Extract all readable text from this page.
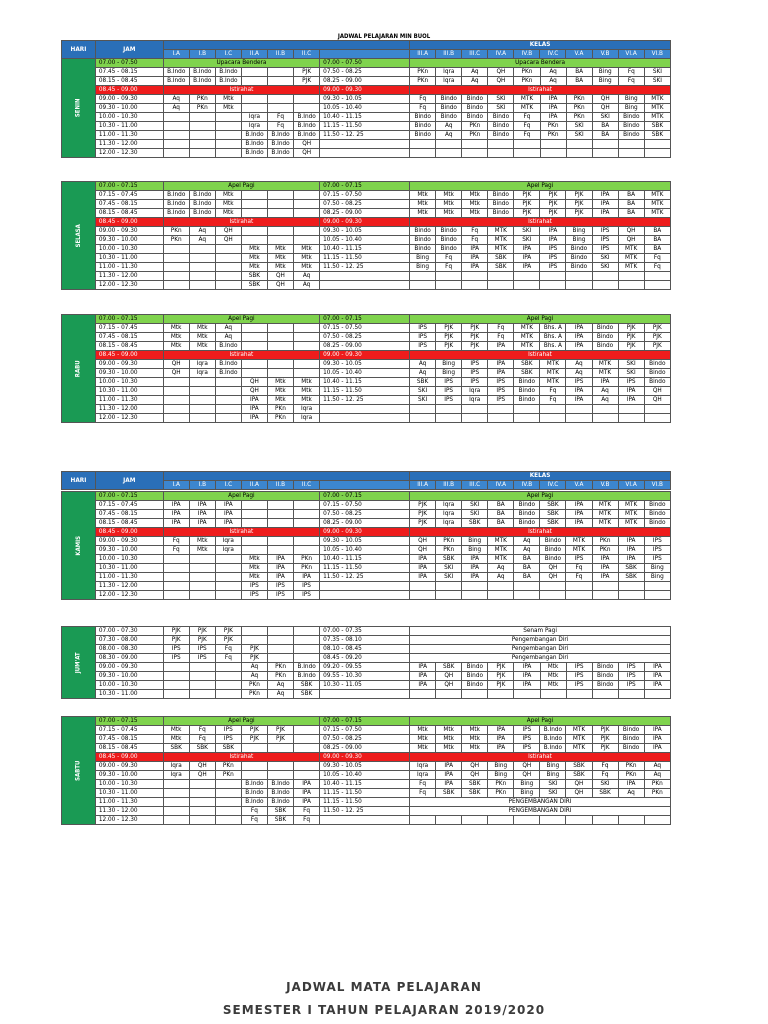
JADWAL PELAJARAN MIN BUOL
HARI	JAM								KELAS									
		I.A	I.B	I.C	II.A	II.B	II.C		III.A	III.B	III.C	IV.A	IV.B	IV.C	V.A	V.B	VI.A	VI.B
SENIN	07.00 - 07.50	Upacara Bendera						07.00 - 07.50	Upacara Bendera									
	07.45 - 08.15	B.Indo	B.Indo	B.Indo			PJK	07.50 - 08.25	PKn	Iqra	Aq	QH	PKn	Aq	BA	Bing	Fq	SKI
	08.15 - 08.45	B.Indo	B.Indo	B.Indo			PJK	08.25 - 09.00	PKn	Iqra	Aq	QH	PKn	Aq	BA	Bing	Fq	SKI
	08.45 - 09.00	Istirahat						09.00 - 09.30	Istirahat									
	09.00 - 09.30	Aq	PKn	Mtk				09.30 - 10.05	Fq	Bindo	Bindo	SKI	MTK	IPA	PKn	QH	Bing	MTK
	09.30 - 10.00	Aq	PKn	Mtk				10.05 - 10.40	Fq	Bindo	Bindo	SKI	MTK	IPA	PKn	QH	Bing	MTK
	10.00 - 10.30				Iqra	Fq	B.Indo	10.40 - 11.15	Bindo	Bindo	Bindo	Bindo	Fq	IPA	PKn	SKI	Bindo	MTK
	10.30 - 11.00				Iqra	Fq	B.Indo	11.15 - 11.50	Bindo	Aq	PKn	Bindo	Fq	PKn	SKI	BA	Bindo	SBK
	11.00 - 11.30				B.Indo	B.Indo	B.Indo	11.50 - 12. 25	Bindo	Aq	PKn	Bindo	Fq	PKn	SKI	BA	Bindo	SBK
	11.30 - 12.00				B.Indo	B.Indo	QH											
	12.00 - 12.30				B.Indo	B.Indo	QH											
SELASA	07.00 - 07.15	Apel Pagi						07.00 - 07.15	Apel Pagi									
	07.15 - 07.45	B.Indo	B.Indo	Mtk				07.15 - 07.50	Mtk	Mtk	Mtk	Bindo	PJK	PJK	PJK	IPA	BA	MTK
	07.45 - 08.15	B.Indo	B.Indo	Mtk				07.50 - 08.25	Mtk	Mtk	Mtk	Bindo	PJK	PJK	PJK	IPA	BA	MTK
	08.15 - 08.45	B.Indo	B.Indo	Mtk				08.25 - 09.00	Mtk	Mtk	Mtk	Bindo	PJK	PJK	PJK	IPA	BA	MTK
	08.45 - 09.00	Istirahat						09.00 - 09.30	Istirahat									
	09.00 - 09.30	PKn	Aq	QH				09.30 - 10.05	Bindo	Bindo	Fq	MTK	SKI	IPA	Bing	IPS	QH	BA
	09.30 - 10.00	PKn	Aq	QH				10.05 - 10.40	Bindo	Bindo	Fq	MTK	SKI	IPA	Bing	IPS	QH	BA
	10.00 - 10.30				Mtk	Mtk	Mtk	10.40 - 11.15	Bindo	Bindo	IPA	MTK	IPA	IPS	Bindo	IPS	MTK	BA
	10.30 - 11.00				Mtk	Mtk	Mtk	11.15 - 11.50	Bing	Fq	IPA	SBK	IPA	IPS	Bindo	SKI	MTK	Fq
	11.00 - 11.30				Mtk	Mtk	Mtk	11.50 - 12. 25	Bing	Fq	IPA	SBK	IPA	IPS	Bindo	SKI	MTK	Fq
	11.30 - 12.00				SBK	QH	Aq											
	12.00 - 12.30				SBK	QH	Aq											
RABU	07.00 - 07.15	Apel Pagi						07.00 - 07.15	Apel Pagi									
	07.15 - 07.45	Mtk	Mtk	Aq				07.15 - 07.50	IPS	PJK	PJK	Fq	MTK	Bhs. A	IPA	Bindo	PJK	PJK
	07.45 - 08.15	Mtk	Mtk	Aq				07.50 - 08.25	IPS	PJK	PJK	Fq	MTK	Bhs. A	IPA	Bindo	PJK	PJK
	08.15 - 08.45	Mtk	Mtk	B.Indo				08.25 - 09.00	IPS	PJK	PJK	IPA	MTK	Bhs. A	IPA	Bindo	PJK	PJK
	08.45 - 09.00	Istirahat						09.00 - 09.30	Istirahat									
	09.00 - 09.30	QH	Iqra	B.Indo				09.30 - 10.05	Aq	Bing	IPS	IPA	SBK	MTK	Aq	MTK	SKI	Bindo
	09.30 - 10.00	QH	Iqra	B.Indo				10.05 - 10.40	Aq	Bing	IPS	IPA	SBK	MTK	Aq	MTK	SKI	Bindo
	10.00 - 10.30				QH	Mtk	Mtk	10.40 - 11.15	SBK	IPS	IPS	IPS	Bindo	MTK	IPS	IPA	IPS	Bindo
	10.30 - 11.00				QH	Mtk	Mtk	11.15 - 11.50	SKI	IPS	Iqra	IPS	Bindo	Fq	IPA	Aq	IPA	QH
	11.00 - 11.30				IPA	Mtk	Mtk	11.50 - 12. 25	SKI	IPS	Iqra	IPS	Bindo	Fq	IPA	Aq	IPA	QH
	11.30 - 12.00				IPA	PKn	Iqra											
	12.00 - 12.30				IPA	PKn	Iqra											
HARI	JAM								KELAS									
		I.A	I.B	I.C	II.A	II.B	II.C		III.A	III.B	III.C	IV.A	IV.B	IV.C	V.A	V.B	VI.A	VI.B
KAMIS	07.00 - 07.15	Apel Pagi						07.00 - 07.15	Apel Pagi									
	07.15 - 07.45	IPA	IPA	IPA				07.15 - 07.50	PJK	Iqra	SKI	BA	Bindo	SBK	IPA	MTK	MTK	Bindo
	07.45 - 08.15	IPA	IPA	IPA				07.50 - 08.25	PJK	Iqra	SKI	BA	Bindo	SBK	IPA	MTK	MTK	Bindo
	08.15 - 08.45	IPA	IPA	IPA				08.25 - 09.00	PJK	Iqra	SBK	BA	Bindo	SBK	IPA	MTK	MTK	Bindo
	08.45 - 09.00	Istirahat						09.00 - 09.30	Istirahat									
	09.00 - 09.30	Fq	Mtk	Iqra				09.30 - 10.05	QH	PKn	Bing	MTK	Aq	Bindo	MTK	PKn	IPA	IPS
	09.30 - 10.00	Fq	Mtk	Iqra				10.05 - 10.40	QH	PKn	Bing	MTK	Aq	Bindo	MTK	PKn	IPA	IPS
	10.00 - 10.30				Mtk	IPA	PKn	10.40 - 11.15	IPA	SBK	IPA	MTK	BA	Bindo	IPS	IPA	IPA	IPS
	10.30 - 11.00				Mtk	IPA	PKn	11.15 - 11.50	IPA	SKI	IPA	Aq	BA	QH	Fq	IPA	SBK	Bing
	11.00 - 11.30				Mtk	IPA	IPA	11.50 - 12. 25	IPA	SKI	IPA	Aq	BA	QH	Fq	IPA	SBK	Bing
	11.30 - 12.00				IPS	IPS	IPS											
	12.00 - 12.30				IPS	IPS	IPS											
JUM'AT	07.00 - 07.30	PJK	PJK	PJK				07.00 - 07.35	Senam Pagi									
	07.30 - 08.00	PJK	PJK	PJK				07.35 - 08.10	Pengembangan Diri									
	08.00 - 08.30	IPS	IPS	Fq	PJK			08.10 - 08.45	Pengembangan Diri									
	08.30 - 09.00	IPS	IPS	Fq	PJK			08.45 - 09.20	Pengembangan Diri									
	09.00 - 09.30				Aq	PKn	B.Indo	09.20 - 09.55	IPA	SBK	Bindo	PJK	IPA	Mtk	IPS	Bindo	IPS	IPA
	09.30 - 10.00				Aq	PKn	B.Indo	09.55 - 10.30	IPA	QH	Bindo	PJK	IPA	Mtk	IPS	Bindo	IPS	IPA
	10.00 - 10.30				PKn	Aq	SBK	10.30 - 11.05	IPA	QH	Bindo	PJK	IPA	Mtk	IPS	Bindo	IPS	IPA
	10.30 - 11.00				PKn	Aq	SBK											
SABTU	07.00 - 07.15	Apel Pagi						07.00 - 07.15	Apel Pagi									
	07.15 - 07.45	Mtk	Fq	IPS	PJK	PJK		07.15 - 07.50	Mtk	Mtk	Mtk	IPA	IPS	B.Indo	MTK	PJK	Bindo	IPA
	07.45 - 08.15	Mtk	Fq	IPS	PJK	PJK		07.50 - 08.25	Mtk	Mtk	Mtk	IPA	IPS	B.Indo	MTK	PJK	Bindo	IPA
	08.15 - 08.45	SBK	SBK	SBK				08.25 - 09.00	Mtk	Mtk	Mtk	IPA	IPS	B.Indo	MTK	PJK	Bindo	IPA
	08.45 - 09.00	Istirahat						09.00 - 09.30	Istirahat									
	09.00 - 09.30	Iqra	QH	PKn				09.30 - 10.05	Iqra	IPA	QH	Bing	QH	Bing	SBK	Fq	PKn	Aq
	09.30 - 10.00	Iqra	QH	PKn				10.05 - 10.40	Iqra	IPA	QH	Bing	QH	Bing	SBK	Fq	PKn	Aq
	10.00 - 10.30				B.Indo	B.Indo	IPA	10.40 - 11.15	Fq	IPA	SBK	PKn	Bing	SKI	QH	SKI	IPA	PKn
	10.30 - 11.00				B.Indo	B.Indo	IPA	11.15 - 11.50	Fq	SBK	SBK	PKn	Bing	SKI	QH	SBK	Aq	PKn
	11.00 - 11.30				B.Indo	B.Indo	IPA	11.15 - 11.50	PENGEMBANGAN DIRI									
	11.30 - 12.00				Fq	SBK	Fq	11.50 - 12. 25	PENGEMBANGAN DIRI									
	12.00 - 12.30				Fq	SBK	Fq											
JADWAL MATA PELAJARAN
SEMESTER I TAHUN PELAJARAN 2019/2020
